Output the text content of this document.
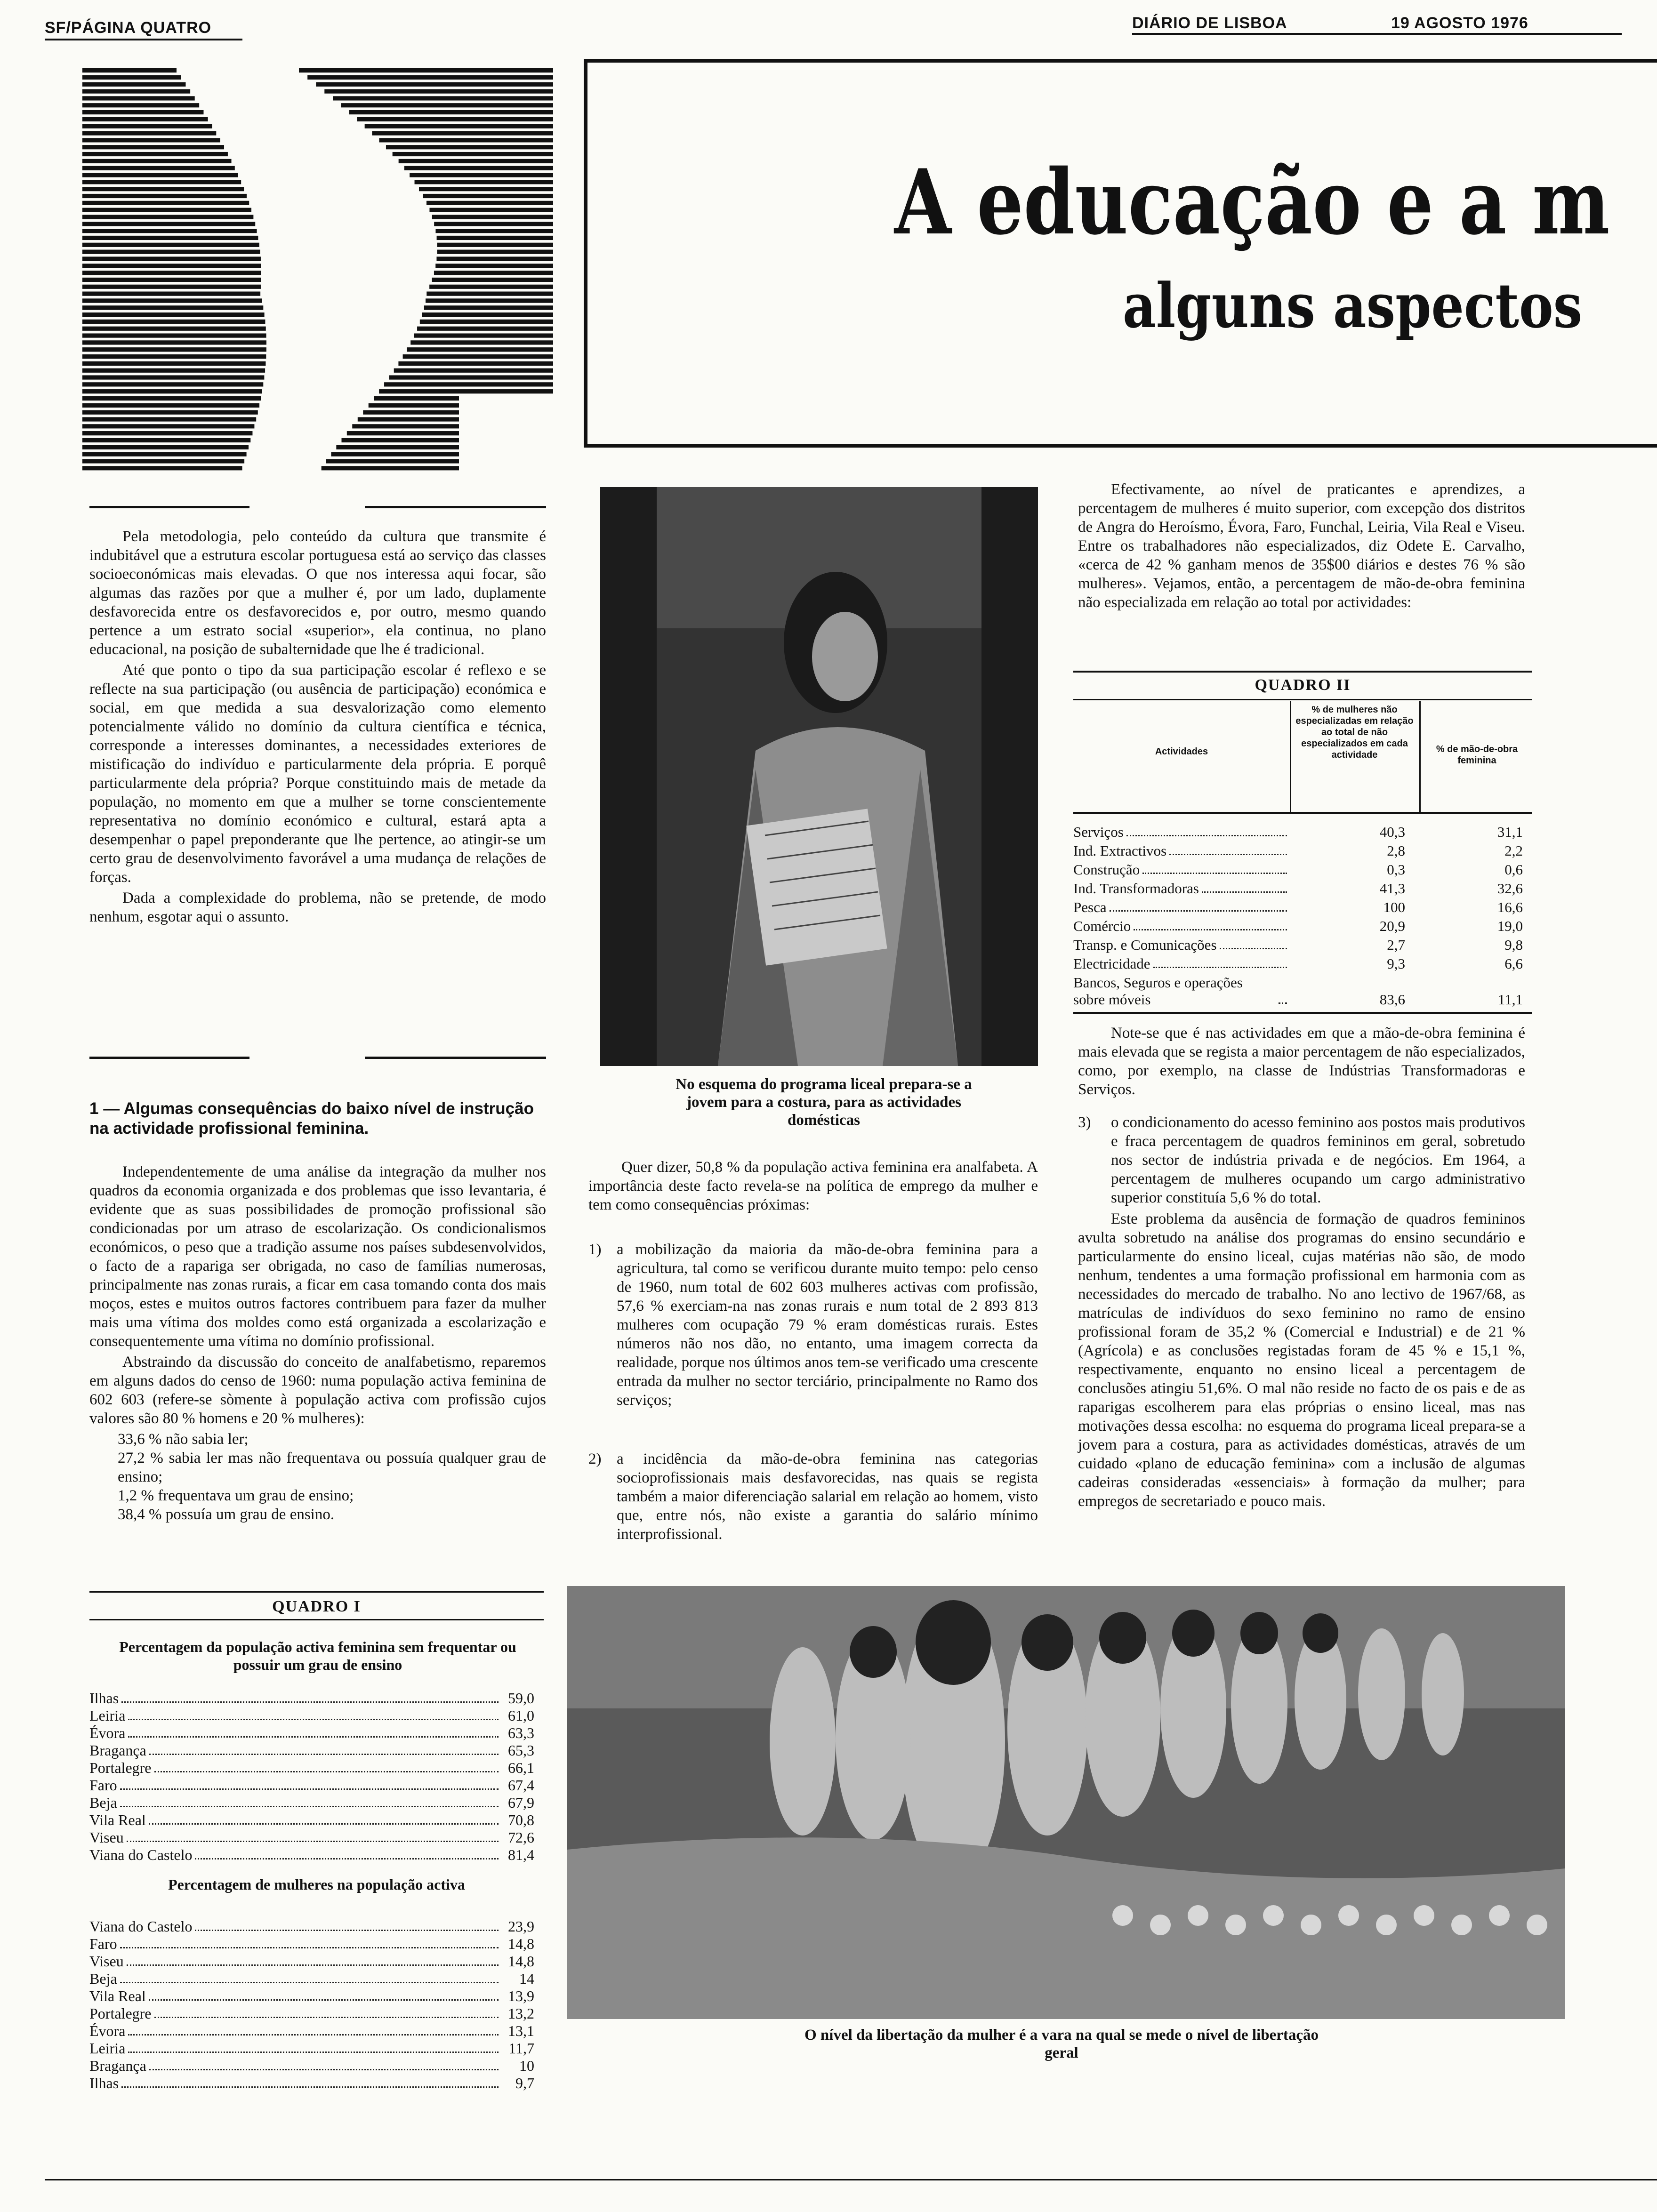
SF/PÁGINA QUATRO	DIÁRIO DE LISBOA	19 AGOSTO 1976
A educação e a m
alguns aspectos

Pela metodologia, pelo conteúdo da cultura que transmite é indubitável que a estrutura escolar portuguesa está ao serviço das classes socioeconómicas mais elevadas. O que nos interessa aqui focar, são algumas das razões por que a mulher é, por um lado, duplamente desfavorecida entre os desfavorecidos e, por outro, mesmo quando pertence a um estrato social «superior», ela continua, no plano educacional, na posição de subalternidade que lhe é tradicional.

Até que ponto o tipo da sua participação escolar é reflexo e se reflecte na sua participação (ou ausência de participação) económica e social, em que medida a sua desvalorização como elemento potencialmente válido no domínio da cultura científica e técnica, corresponde a interesses dominantes, a necessidades exteriores de mistificação do indivíduo e particularmente dela própria. E porquê particularmente dela própria? Porque constituindo mais de metade da população, no momento em que a mulher se torne conscientemente representativa no domínio económico e cultural, estará apta a desempenhar o papel preponderante que lhe pertence, ao atingir-se um certo grau de desenvolvimento favorável a uma mudança de relações de forças.

Dada a complexidade do problema, não se pretende, de modo nenhum, esgotar aqui o assunto.

1 — Algumas consequências do baixo nível de instrução na actividade profissional feminina.

Independentemente de uma análise da integração da mulher nos quadros da economia organizada e dos problemas que isso levantaria, é evidente que as suas possibilidades de promoção profissional são condicionadas por um atraso de escolarização. Os condicionalismos económicos, o peso que a tradição assume nos países subdesenvolvidos, o facto de a rapariga ser obrigada, no caso de famílias numerosas, principalmente nas zonas rurais, a ficar em casa tomando conta dos mais moços, estes e muitos outros factores contribuem para fazer da mulher mais uma vítima dos moldes como está organizada a escolarização e consequentemente uma vítima no domínio profissional.

Abstraindo da discussão do conceito de analfabetismo, reparemos em alguns dados do censo de 1960: numa população activa feminina de 602 603 (refere-se sòmente à população activa com profissão cujos valores são 80 % homens e 20 % mulheres):

33,6 % não sabia ler;
27,2 % sabia ler mas não frequentava ou possuía qualquer grau de ensino;
1,2 % frequentava um grau de ensino;
38,4 % possuía um grau de ensino.
QUADRO I
Percentagem da população activa feminina sem frequentar ou possuir um grau de ensino
Ilhas	59,0
Leiria	61,0
Évora	63,3
Bragança	65,3
Portalegre	66,1
Faro	67,4
Beja	67,9
Vila Real	70,8
Viseu	72,6
Viana do Castelo	81,4
Percentagem de mulheres na população activa
Viana do Castelo	23,9
Faro	14,8
Viseu	14,8
Beja	14
Vila Real	13,9
Portalegre	13,2
Évora	13,1
Leiria	11,7
Bragança	10
Ilhas	9,7
No esquema do programa liceal prepara-se a jovem para a costura, para as actividades domésticas

Quer dizer, 50,8 % da população activa feminina era analfabeta. A importância deste facto revela-se na política de emprego da mulher e tem como consequências próximas:

1) a mobilização da maioria da mão-de-obra feminina para a agricultura, tal como se verificou durante muito tempo: pelo censo de 1960, num total de 602 603 mulheres activas com profissão, 57,6 % exerciam-na nas zonas rurais e num total de 2 893 813 mulheres com ocupação 79 % eram domésticas rurais. Estes números não nos dão, no entanto, uma imagem correcta da realidade, porque nos últimos anos tem-se verificado uma crescente entrada da mulher no sector terciário, principalmente no Ramo dos serviços;
2) a incidência da mão-de-obra feminina nas categorias socioprofissionais mais desfavorecidas, nas quais se regista também a maior diferenciação salarial em relação ao homem, visto que, entre nós, não existe a garantia do salário mínimo interprofissional.

Efectivamente, ao nível de praticantes e aprendizes, a percentagem de mulheres é muito superior, com excepção dos distritos de Angra do Heroísmo, Évora, Faro, Funchal, Leiria, Vila Real e Viseu. Entre os trabalhadores não especializados, diz Odete E. Carvalho, «cerca de 42 % ganham menos de 35$00 diários e destes 76 % são mulheres». Vejamos, então, a percentagem de mão-de-obra feminina não especializada em relação ao total por actividades:

QUADRO II
Actividades
% de mulheres não especializadas em relação ao total de não especializados em cada actividade
% de mão-de-obra feminina
Serviços	40,3	31,1
Ind. Extractivos	2,8	2,2
Construção	0,3	0,6
Ind. Transformadoras	41,3	32,6
Pesca	100	16,6
Comércio	20,9	19,0
Transp. e Comunicações	2,7	9,8
Electricidade	9,3	6,6
Bancos, Seguros e operações sobre móveis	83,6	11,1

Note-se que é nas actividades em que a mão-de-obra feminina é mais elevada que se regista a maior percentagem de não especializados, como, por exemplo, na classe de Indústrias Transformadoras e Serviços.

3) o condicionamento do acesso feminino aos postos mais produtivos e fraca percentagem de quadros femininos em geral, sobretudo nos sector de indústria privada e de negócios. Em 1964, a percentagem de mulheres ocupando um cargo administrativo superior constituía 5,6 % do total.

Este problema da ausência de formação de quadros femininos avulta sobretudo na análise dos programas do ensino secundário e particularmente do ensino liceal, cujas matérias não são, de modo nenhum, tendentes a uma formação profissional em harmonia com as necessidades do mercado de trabalho. No ano lectivo de 1967/68, as matrículas de indivíduos do sexo feminino no ramo de ensino profissional foram de 35,2 % (Comercial e Industrial) e de 21 % (Agrícola) e as conclusões registadas foram de 45 % e 15,1 %, respectivamente, enquanto no ensino liceal a percentagem de conclusões atingiu 51,6%. O mal não reside no facto de os pais e de as raparigas escolherem para elas próprias o ensino liceal, mas nas motivações dessa escolha: no esquema do programa liceal prepara-se a jovem para a costura, para as actividades domésticas, através de um cuidado «plano de educação feminina» com a inclusão de algumas cadeiras consideradas «essenciais» à formação da mulher; para empregos de secretariado e pouco mais.

O nível da libertação da mulher é a vara na qual se mede o nível de libertação geral
